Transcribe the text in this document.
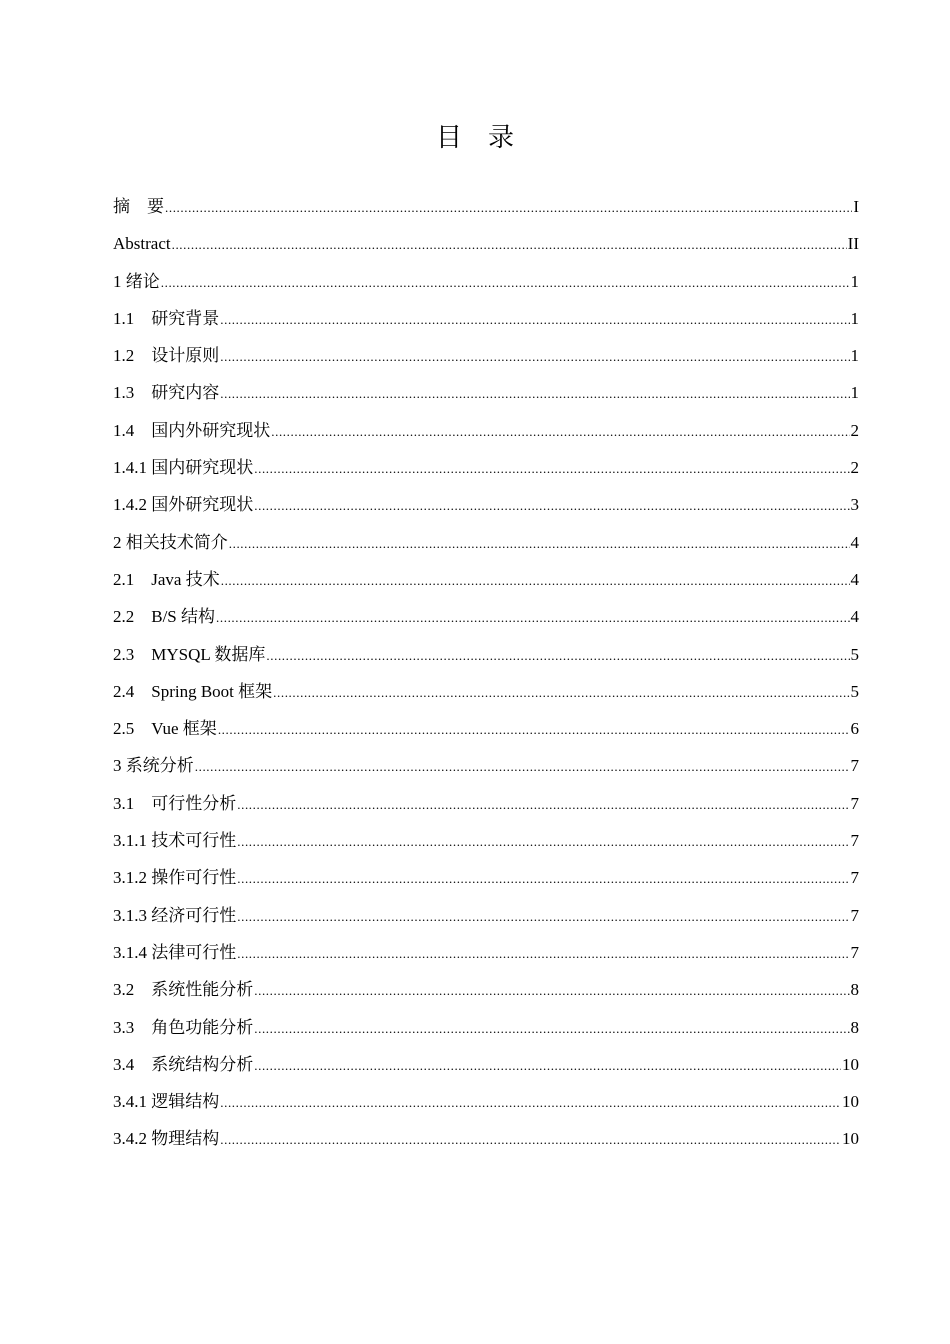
目 录
摘　要 .....	I
Abstract .....	II
1 绪论 .....	1
1.1　研究背景 .....	1
1.2　设计原则 .....	1
1.3　研究内容 .....	1
1.4　国内外研究现状 .....	2
1.4.1 国内研究现状 .....	2
1.4.2 国外研究现状 .....	3
2 相关技术简介 .....	4
2.1　Java 技术 .....	4
2.2　B/S 结构 .....	4
2.3　MYSQL 数据库 .....	5
2.4　Spring Boot 框架 .....	5
2.5　Vue 框架 .....	6
3 系统分析 .....	7
3.1　可行性分析 .....	7
3.1.1 技术可行性 .....	7
3.1.2 操作可行性 .....	7
3.1.3 经济可行性 .....	7
3.1.4 法律可行性 .....	7
3.2　系统性能分析 .....	8
3.3　角色功能分析 .....	8
3.4　系统结构分析 .....	10
3.4.1 逻辑结构 .....	10
3.4.2 物理结构 .....	10
